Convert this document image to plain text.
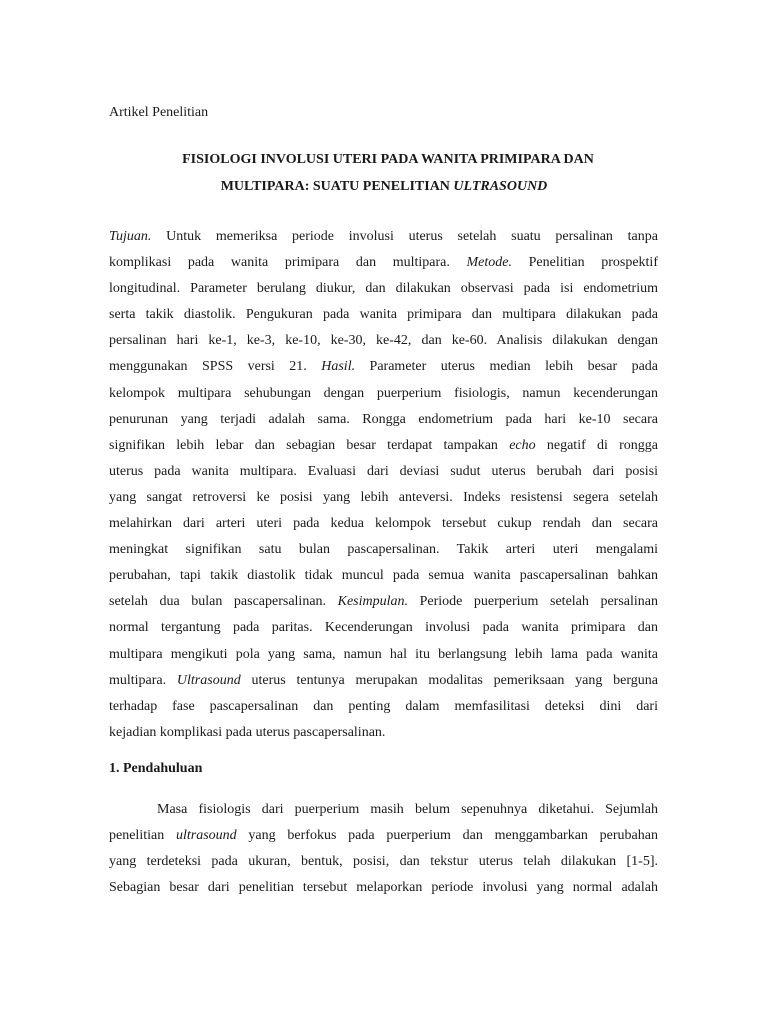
Artikel Penelitian
FISIOLOGI INVOLUSI UTERI PADA WANITA PRIMIPARA DAN
MULTIPARA: SUATU PENELITIAN ULTRASOUND
Tujuan. Untuk memeriksa periode involusi uterus setelah suatu persalinan tanpa
komplikasi pada wanita primipara dan multipara. Metode. Penelitian prospektif
longitudinal. Parameter berulang diukur, dan dilakukan observasi pada isi endometrium
serta takik diastolik. Pengukuran pada wanita primipara dan multipara dilakukan pada
persalinan hari ke-1, ke-3, ke-10, ke-30, ke-42, dan ke-60. Analisis dilakukan dengan
menggunakan SPSS versi 21. Hasil. Parameter uterus median lebih besar pada
kelompok multipara sehubungan dengan puerperium fisiologis, namun kecenderungan
penurunan yang terjadi adalah sama. Rongga endometrium pada hari ke-10 secara
signifikan lebih lebar dan sebagian besar terdapat tampakan echo negatif di rongga
uterus pada wanita multipara. Evaluasi dari deviasi sudut uterus berubah dari posisi
yang sangat retroversi ke posisi yang lebih anteversi. Indeks resistensi segera setelah
melahirkan dari arteri uteri pada kedua kelompok tersebut cukup rendah dan secara
meningkat signifikan satu bulan pascapersalinan. Takik arteri uteri mengalami
perubahan, tapi takik diastolik tidak muncul pada semua wanita pascapersalinan bahkan
setelah dua bulan pascapersalinan. Kesimpulan. Periode puerperium setelah persalinan
normal tergantung pada paritas. Kecenderungan involusi pada wanita primipara dan
multipara mengikuti pola yang sama, namun hal itu berlangsung lebih lama pada wanita
multipara. Ultrasound uterus tentunya merupakan modalitas pemeriksaan yang berguna
terhadap fase pascapersalinan dan penting dalam memfasilitasi deteksi dini dari
kejadian komplikasi pada uterus pascapersalinan.
1. Pendahuluan
Masa fisiologis dari puerperium masih belum sepenuhnya diketahui. Sejumlah
penelitian ultrasound yang berfokus pada puerperium dan menggambarkan perubahan
yang terdeteksi pada ukuran, bentuk, posisi, dan tekstur uterus telah dilakukan [1-5].
Sebagian besar dari penelitian tersebut melaporkan periode involusi yang normal adalah
